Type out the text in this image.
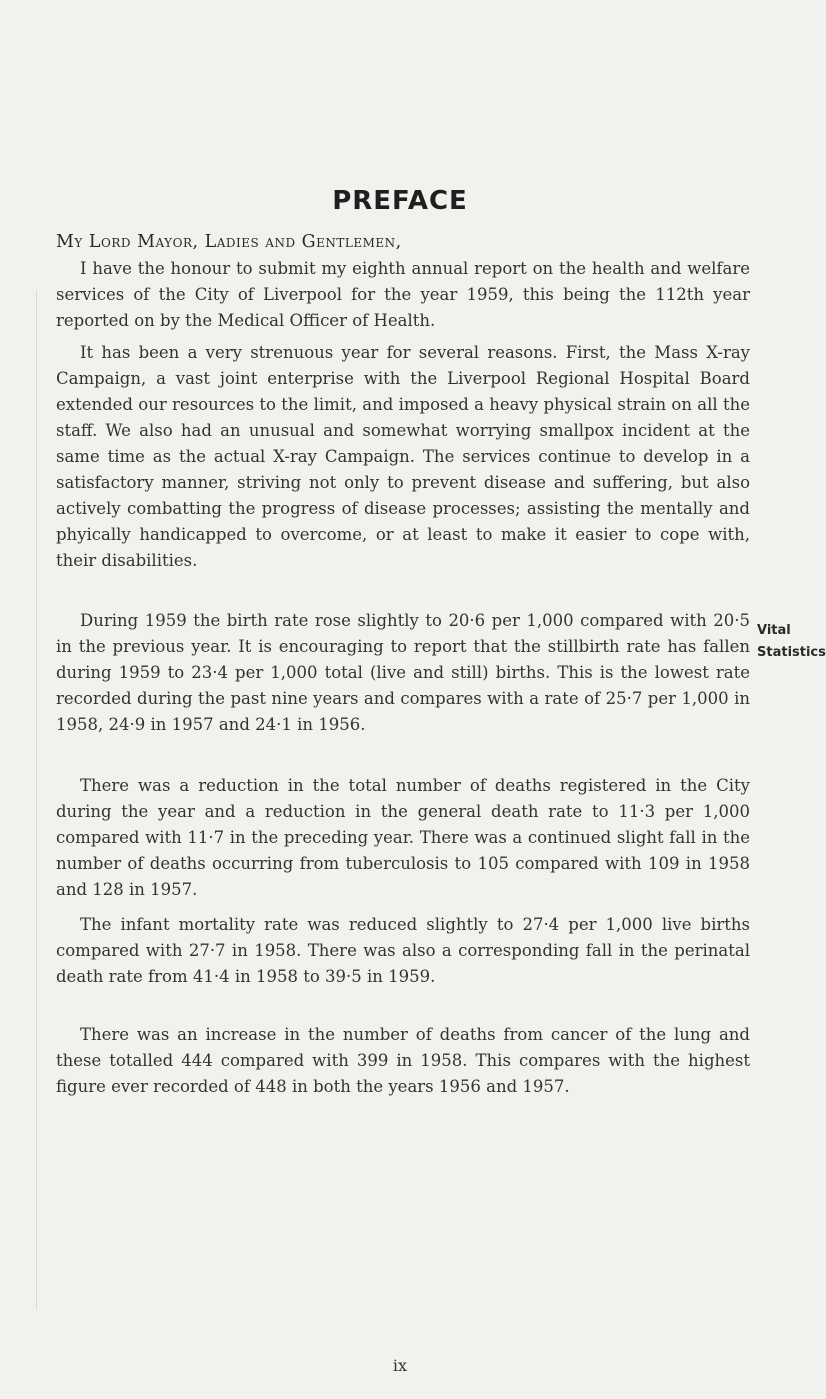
PREFACE
My Lord Mayor, Ladies and Gentlemen,

I have the honour to submit my eighth annual report on the health and welfare services of the City of Liverpool for the year 1959, this being the 112th year reported on by the Medical Officer of Health.

It has been a very strenuous year for several reasons. First, the Mass X-ray Campaign, a vast joint enterprise with the Liverpool Regional Hospital Board extended our resources to the limit, and imposed a heavy physical strain on all the staff. We also had an unusual and somewhat worrying smallpox incident at the same time as the actual X-ray Campaign. The services continue to develop in a satisfactory manner, striving not only to prevent disease and suffering, but also actively combatting the progress of disease processes; assisting the mentally and phyically handicapped to overcome, or at least to make it easier to cope with, their disabilities.

During 1959 the birth rate rose slightly to 20·6 per 1,000 compared with 20·5 in the previous year. It is encouraging to report that the stillbirth rate has fallen during 1959 to 23·4 per 1,000 total (live and still) births. This is the lowest rate recorded during the past nine years and compares with a rate of 25·7 per 1,000 in 1958, 24·9 in 1957 and 24·1 in 1956.

Vital
Statistics

There was a reduction in the total number of deaths registered in the City during the year and a reduction in the general death rate to 11·3 per 1,000 compared with 11·7 in the preceding year. There was a continued slight fall in the number of deaths occurring from tuberculosis to 105 compared with 109 in 1958 and 128 in 1957.

The infant mortality rate was reduced slightly to 27·4 per 1,000 live births compared with 27·7 in 1958. There was also a corresponding fall in the perinatal death rate from 41·4 in 1958 to 39·5 in 1959.

There was an increase in the number of deaths from cancer of the lung and these totalled 444 compared with 399 in 1958. This compares with the highest figure ever recorded of 448 in both the years 1956 and 1957.

ix
